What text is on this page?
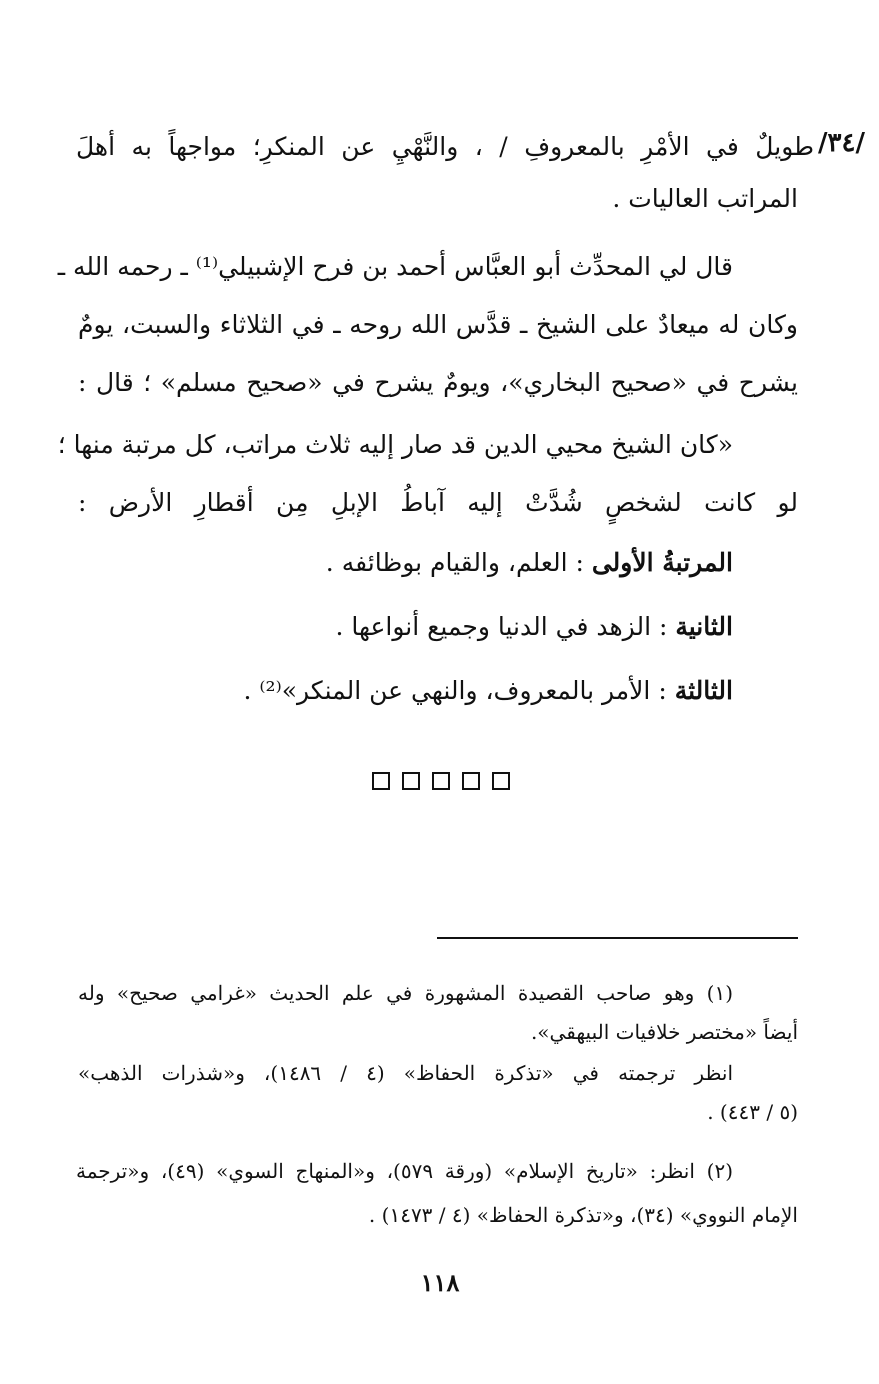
/٣٤/
طويلٌ في الأمْرِ بالمعروفِ / ، والنَّهْيِ عن المنكرِ؛ مواجهاً به أهلَ
المراتب العاليات .
قال لي المحدِّث أبو العبَّاس أحمد بن فرح الإشبيلي⁽¹⁾ ـ رحمه الله ـ
وكان له ميعادٌ على الشيخ ـ قدَّس الله روحه ـ في الثلاثاء والسبت، يومٌ
يشرح في «صحيح البخاري»، ويومٌ يشرح في «صحيح مسلم» ؛ قال :
«كان الشيخ محيي الدين قد صار إليه ثلاث مراتب، كل مرتبة منها ؛
لو كانت لشخصٍ شُدَّتْ إليه آباطُ الإبلِ مِن أقطارِ الأرض :
المرتبةُ الأولى : العلم، والقيام بوظائفه .
الثانية : الزهد في الدنيا وجميع أنواعها .
الثالثة : الأمر بالمعروف، والنهي عن المنكر»⁽²⁾ .
(١) وهو صاحب القصيدة المشهورة في علم الحديث «غرامي صحيح» وله
أيضاً «مختصر خلافيات البيهقي».
انظر ترجمته في «تذكرة الحفاظ» (٤ / ١٤٨٦)، و«شذرات الذهب»
(٥ / ٤٤٣) .
(٢) انظر: «تاريخ الإسلام» (ورقة ٥٧٩)، و«المنهاج السوي» (٤٩)، و«ترجمة
الإمام النووي» (٣٤)، و«تذكرة الحفاظ» (٤ / ١٤٧٣) .
١١٨
